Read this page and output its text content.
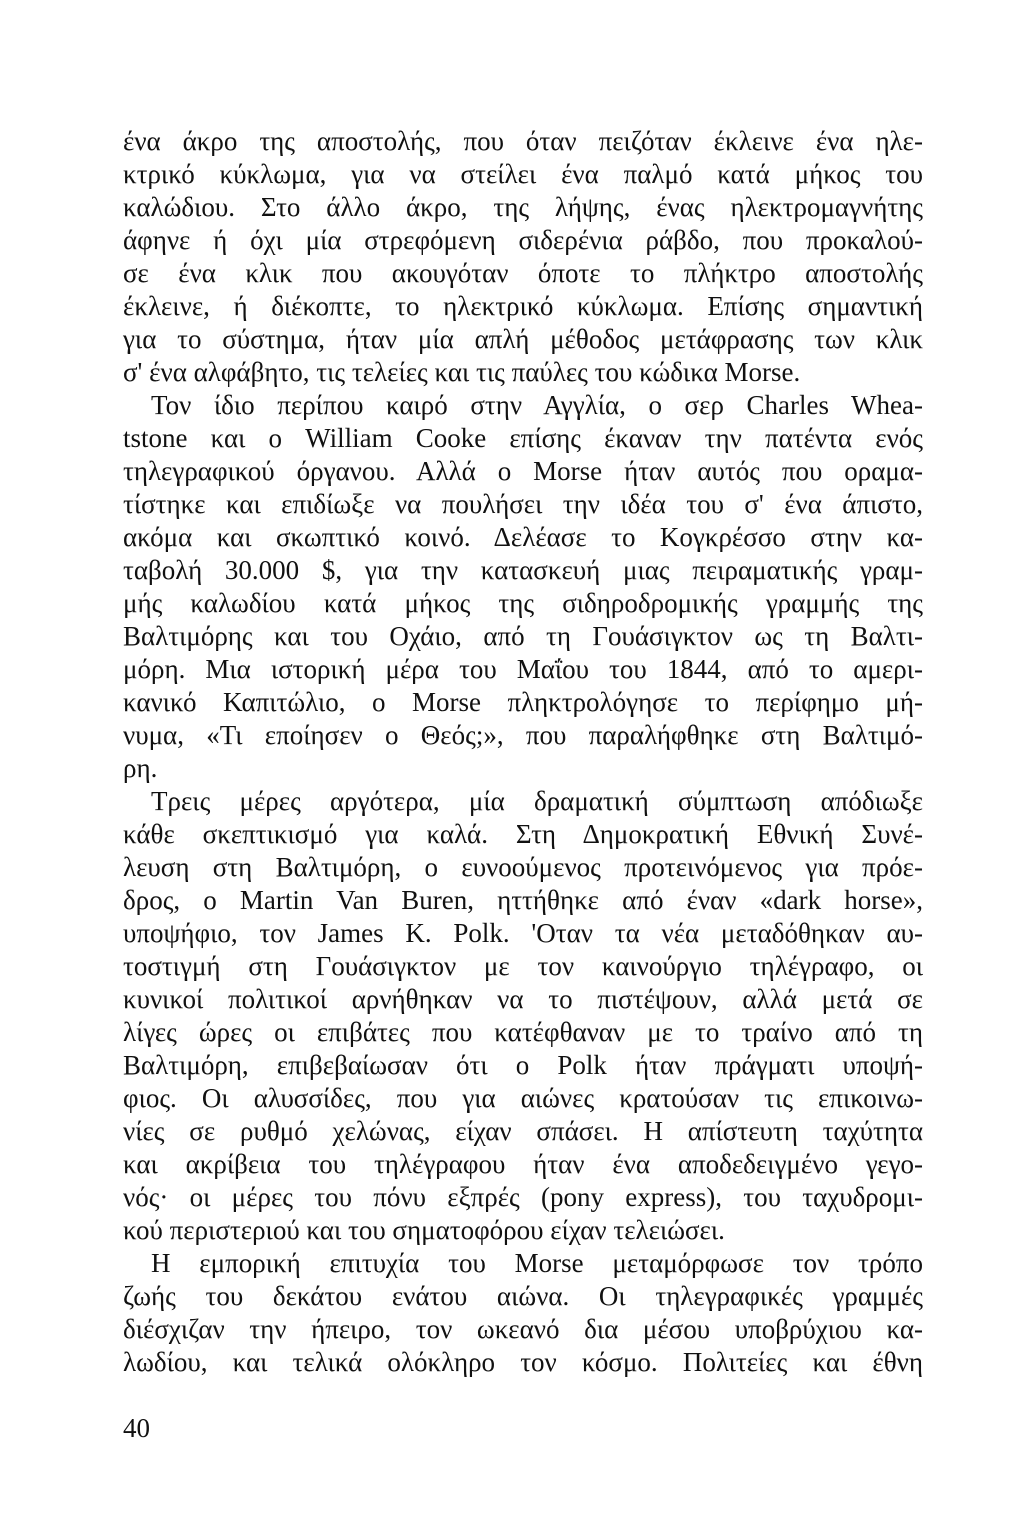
ένα άκρο της αποστολής, που όταν πειζόταν έκλεινε ένα ηλε-
κτρικό κύκλωμα, για να στείλει ένα παλμό κατά μήκος του
καλώδιου. Στο άλλο άκρο, της λήψης, ένας ηλεκτρομαγνήτης
άφηνε ή όχι μία στρεφόμενη σιδερένια ράβδο, που προκαλού-
σε ένα κλικ που ακουγόταν όποτε το πλήκτρο αποστολής
έκλεινε, ή διέκοπτε, το ηλεκτρικό κύκλωμα. Επίσης σημαντική
για το σύστημα, ήταν μία απλή μέθοδος μετάφρασης των κλικ
σ' ένα αλφάβητο, τις τελείες και τις παύλες του κώδικα Morse.
Τον ίδιο περίπου καιρό στην Αγγλία, ο σερ Charles Whea-
tstone και ο William Cooke επίσης έκαναν την πατέντα ενός
τηλεγραφικού όργανου. Αλλά ο Morse ήταν αυτός που οραμα-
τίστηκε και επιδίωξε να πουλήσει την ιδέα του σ' ένα άπιστο,
ακόμα και σκωπτικό κοινό. Δελέασε το Κογκρέσσο στην κα-
ταβολή 30.000 $, για την κατασκευή μιας πειραματικής γραμ-
μής καλωδίου κατά μήκος της σιδηροδρομικής γραμμής της
Βαλτιμόρης και του Οχάιο, από τη Γουάσιγκτον ως τη Βαλτι-
μόρη. Μια ιστορική μέρα του Μαΐου του 1844, από το αμερι-
κανικό Καπιτώλιο, ο Morse πληκτρολόγησε το περίφημο μή-
νυμα, «Τι εποίησεν ο Θεός;», που παραλήφθηκε στη Βαλτιμό-
ρη.
Τρεις μέρες αργότερα, μία δραματική σύμπτωση απόδιωξε
κάθε σκεπτικισμό για καλά. Στη Δημοκρατική Εθνική Συνέ-
λευση στη Βαλτιμόρη, ο ευνοούμενος προτεινόμενος για πρόε-
δρος, ο Martin Van Buren, ηττήθηκε από έναν «dark horse»,
υποψήφιο, τον James K. Polk. 'Οταν τα νέα μεταδόθηκαν αυ-
τοστιγμή στη Γουάσιγκτον με τον καινούργιο τηλέγραφο, οι
κυνικοί πολιτικοί αρνήθηκαν να το πιστέψουν, αλλά μετά σε
λίγες ώρες οι επιβάτες που κατέφθαναν με το τραίνο από τη
Βαλτιμόρη, επιβεβαίωσαν ότι ο Polk ήταν πράγματι υποψή-
φιος. Οι αλυσσίδες, που για αιώνες κρατούσαν τις επικοινω-
νίες σε ρυθμό χελώνας, είχαν σπάσει. Η απίστευτη ταχύτητα
και ακρίβεια του τηλέγραφου ήταν ένα αποδεδειγμένο γεγο-
νός· οι μέρες του πόνυ εξπρές (pony express), του ταχυδρομι-
κού περιστεριού και του σηματοφόρου είχαν τελειώσει.
Η εμπορική επιτυχία του Morse μεταμόρφωσε τον τρόπο
ζωής του δεκάτου ενάτου αιώνα. Οι τηλεγραφικές γραμμές
διέσχιζαν την ήπειρο, τον ωκεανό δια μέσου υποβρύχιου κα-
λωδίου, και τελικά ολόκληρο τον κόσμο. Πολιτείες και έθνη
40
